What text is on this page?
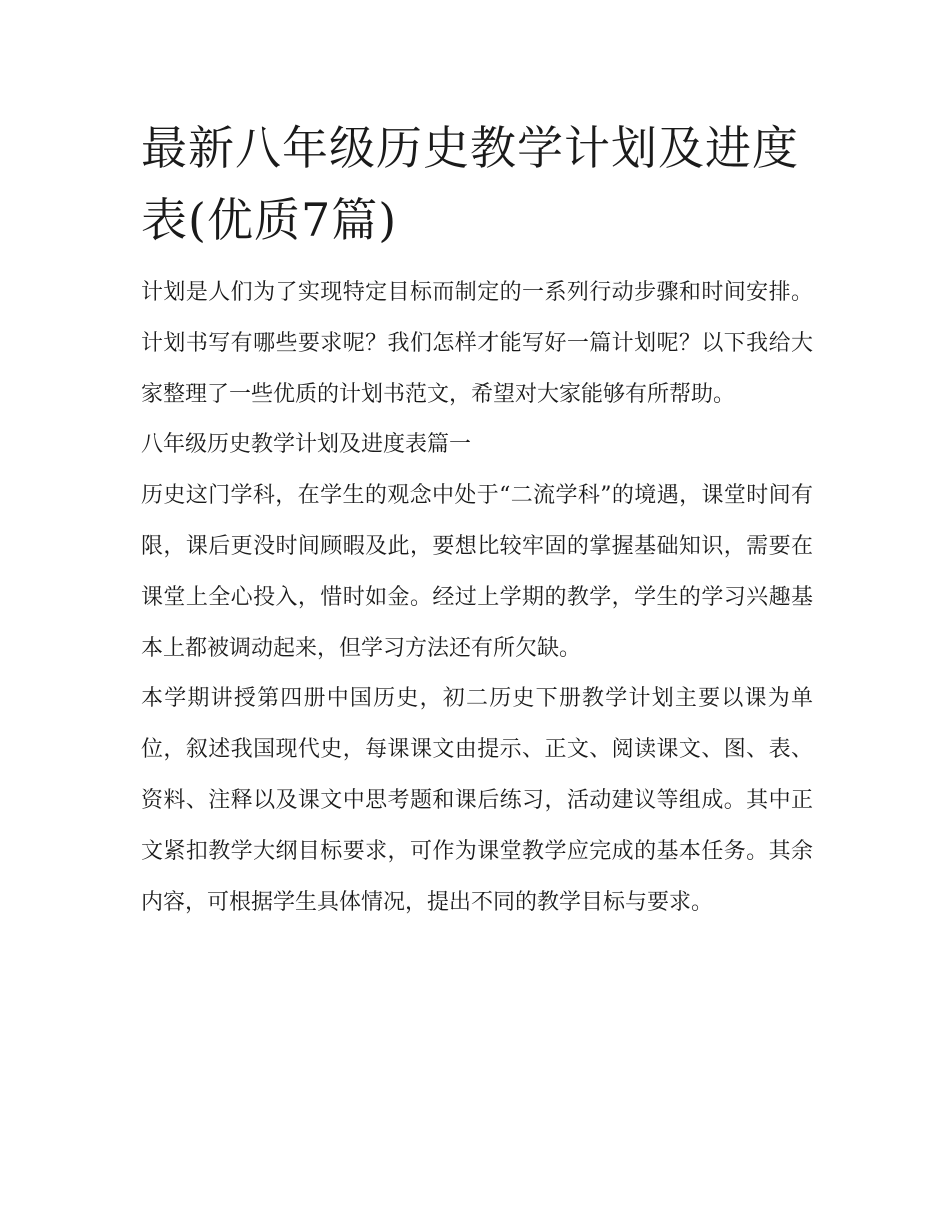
最新八年级历史教学计划及进度表(优质7篇)

计划是人们为了实现特定目标而制定的一系列行动步骤和时间安排。计划书写有哪些要求呢？我们怎样才能写好一篇计划呢？以下我给大家整理了一些优质的计划书范文，希望对大家能够有所帮助。

八年级历史教学计划及进度表篇一

历史这门学科，在学生的观念中处于“二流学科”的境遇，课堂时间有限，课后更没时间顾暇及此，要想比较牢固的掌握基础知识，需要在课堂上全心投入，惜时如金。经过上学期的教学，学生的学习兴趣基本上都被调动起来，但学习方法还有所欠缺。

本学期讲授第四册中国历史，初二历史下册教学计划主要以课为单位，叙述我国现代史，每课课文由提示、正文、阅读课文、图、表、资料、注释以及课文中思考题和课后练习，活动建议等组成。其中正文紧扣教学大纲目标要求，可作为课堂教学应完成的基本任务。其余内容，可根据学生具体情况，提出不同的教学目标与要求。
